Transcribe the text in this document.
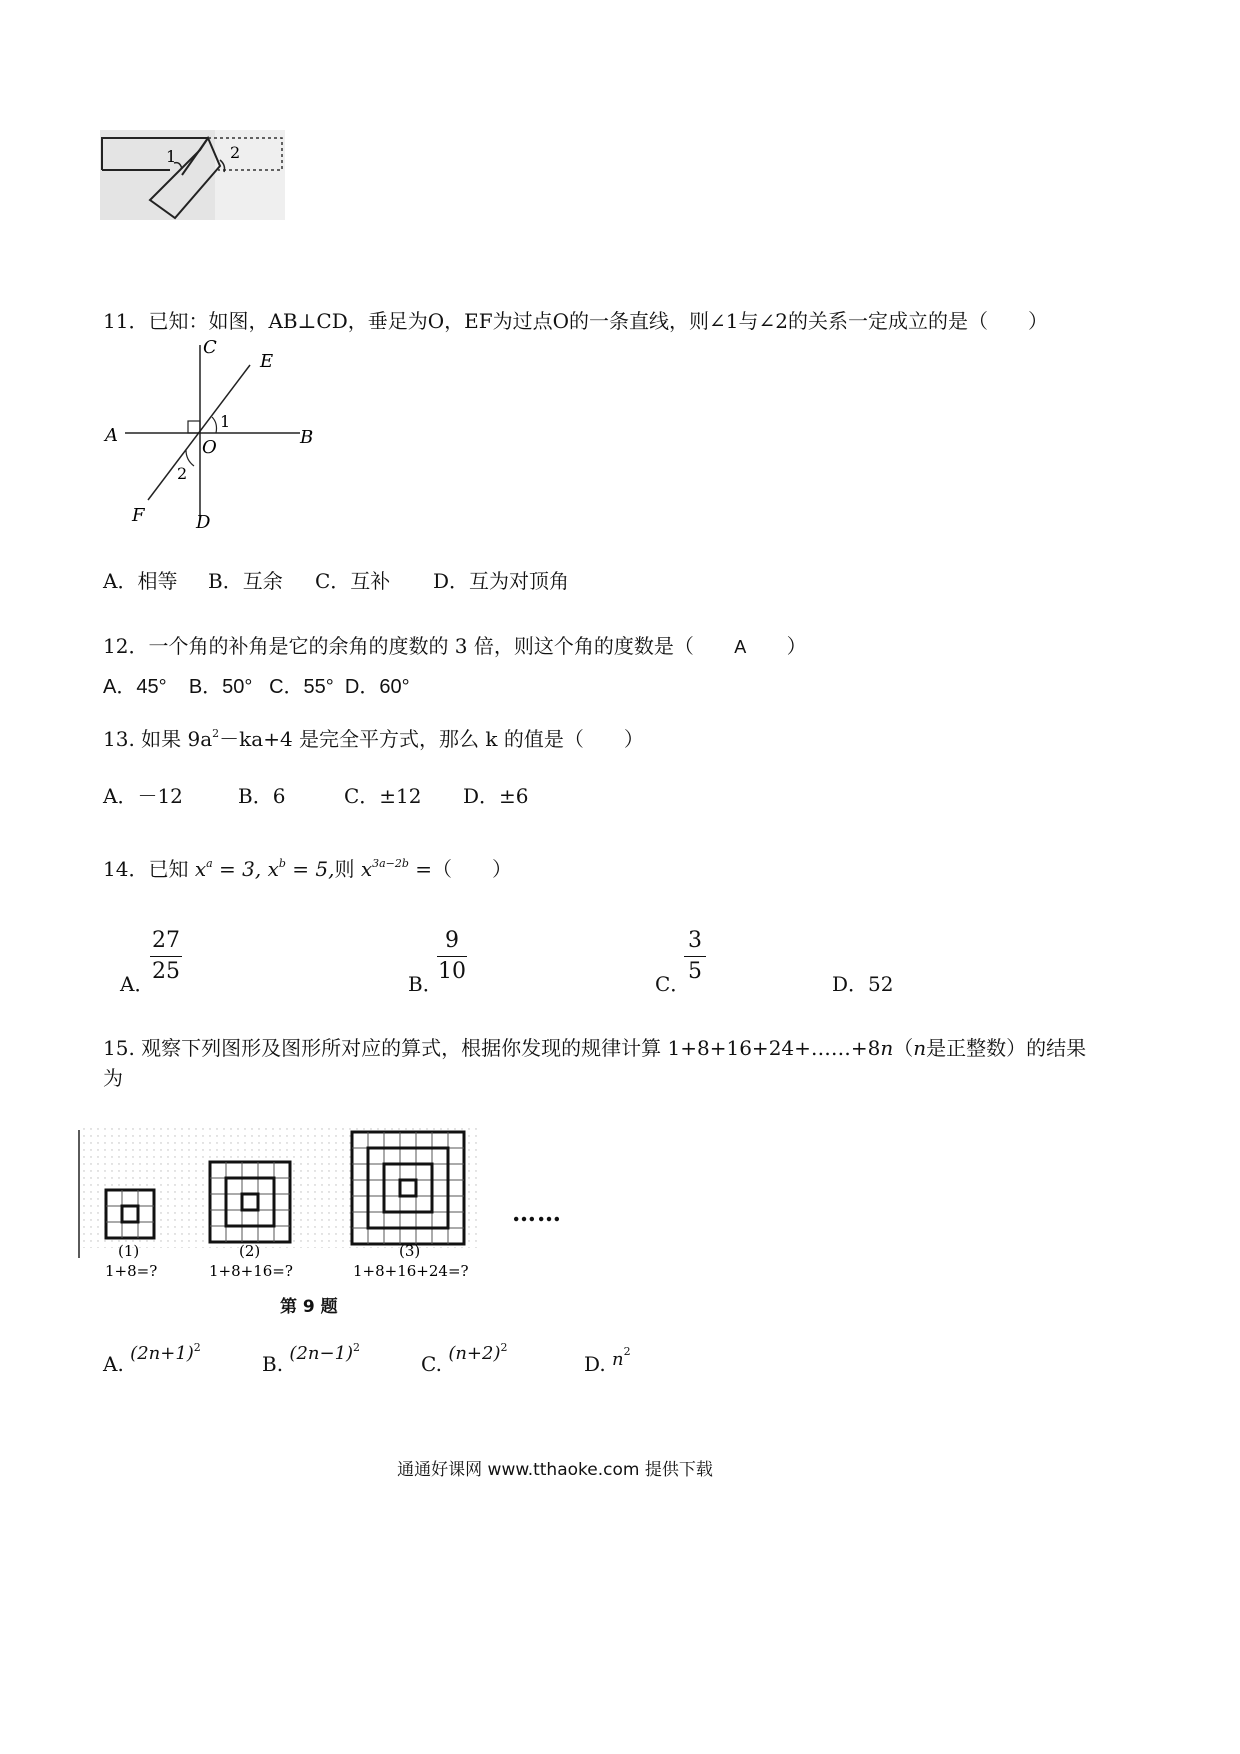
1	2
11．已知：如图，AB⊥CD，垂足为O，EF为过点O的一条直线，则∠1与∠2的关系一定成立的是（　　）
C
E
A	B
O
F	D
1
2
A．相等 B．互余 C．互补 D．互为对顶角
12．一个角的补角是它的余角的度数的 3 倍，则这个角的度数是（ A ）
A．45° B．50° C．55° D．60°
13. 如果 $9a^2-ka+4$ 是完全平方式，那么 k 的值是（　　）
A．－12	B．6	C．±12 D．±6
14．已知 $x^a = 3$, $x^b = 5$,则 $x^{3a-2b}$ =（　　）
A．
27
25	B．
9
10	C．
3
5	D．52
15. 观察下列图形及图形所对应的算式，根据你发现的规律计算 1+8+16+24+……+8n（n是正整数）的结果
为
(1)
1+8=?
(2)
1+8+16=?
(3)
1+8+16+24=?
……
第 9 题
A. $(2n+1)^2$
B. $(2n-1)^2$
C. $(n+2)^2$
D. $n^2$
通通好课网 www.tthaoke.com 提供下载
